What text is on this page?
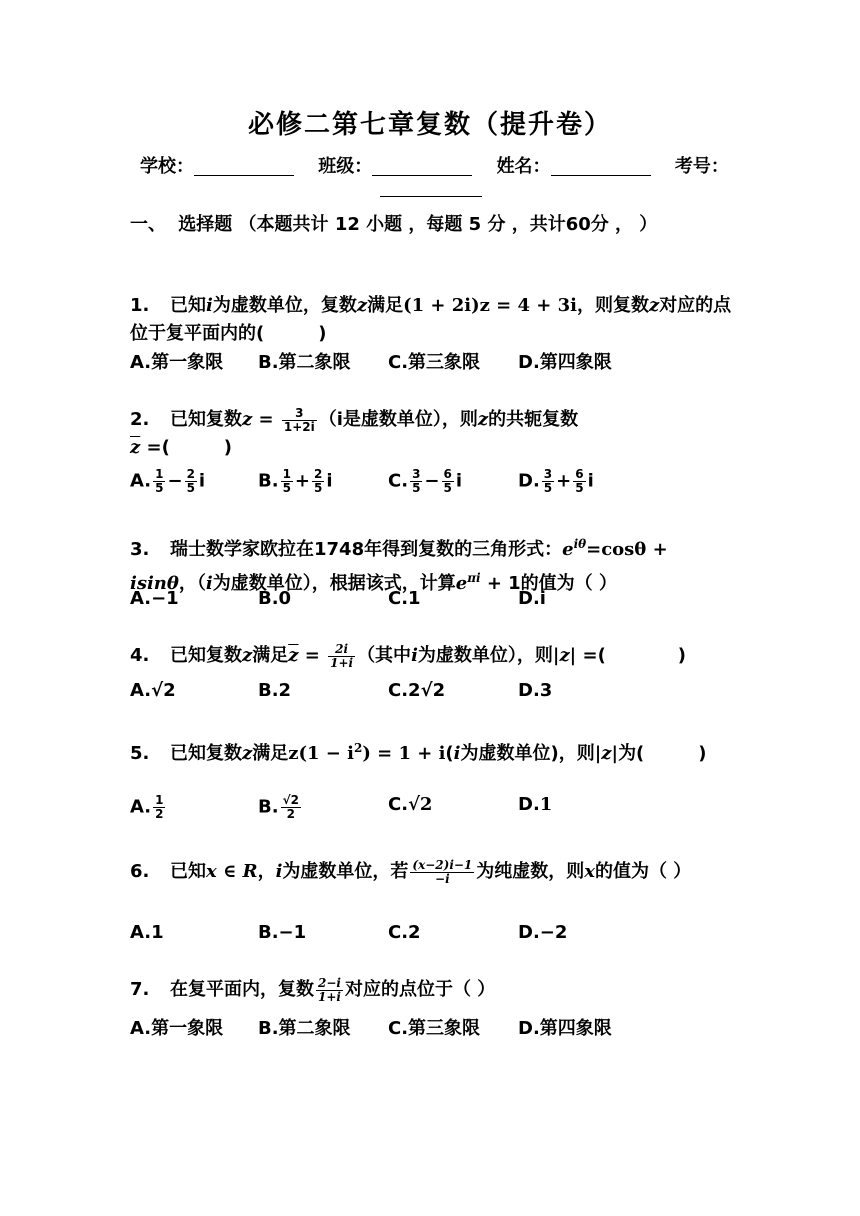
必修二第七章复数（提升卷）
学校：	班级：	姓名：	考号：
一、 选择题 （本题共计 12 小题 ，每题 5 分 ，共计60分 ， ）
1. 已知i为虚数单位，复数z满足(1 + 2i)z = 4 + 3i，则复数z对应的点位于复平面内的(　　　)
A.第一象限 B.第二象限 C.第三象限 D.第四象限
2. 已知复数$z = \frac{3}{1+2i} (i$是虚数单位），则z的共轭复数
$\overline{z}$ =(　　　)
A. $\frac{1}{5} - \frac{2}{5}$ i	B. $\frac{1}{5} + \frac{2}{5}$ i	C. $\frac{3}{5} - \frac{6}{5}$ i	D. $\frac{3}{5} + \frac{6}{5}$ i
3. 瑞士数学家欧拉在1748年得到复数的三角形式：$e^{i\theta}=\cos\theta$ +
isinθ，（i为虚数单位），根据该式，计算$e^{\pi i} + 1$的值为（ ）
A.−1	B.0	C.1	D.i
4. 已知复数z满足$\overline{z} = \frac{2i}{1+i}$ （其中i为虚数单位），则|z| =(　　　　)
A.√2	B.2	C.2√2	D.3
5. 已知复数z满足$z(1 - i^2) = 1 + i(i$为虚数单位)，则|z|为(　　　)
A. $\frac{1}{2}$	B. $\frac{√2}{2}$	C.√2	D.1
6. 已知x ∈ R，i为虚数单位，若 $\frac{(x-2)i-1}{-i}$ 为纯虚数，则x的值为（ ）
A.1	B.−1	C.2	D.−2
7. 在复平面内，复数 $\frac{2-i}{1+i}$ 对应的点位于（ ）
A.第一象限 B.第二象限 C.第三象限 D.第四象限
